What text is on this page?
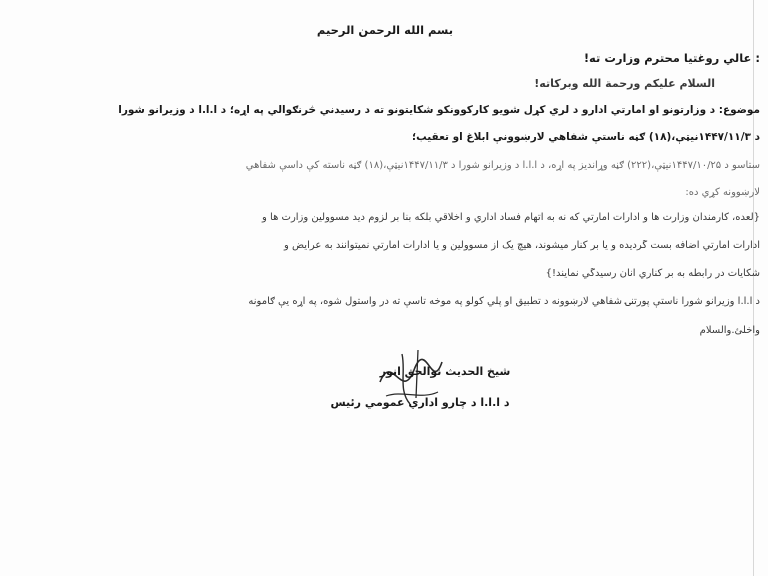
بسم الله الرحمن الرحيم
: عالي روغتيا محترم وزارت ته!
السلام عليكم ورحمة الله وبركاته!
موضوع: د وزارتونو او امارتي ادارو د لري کړل شويو کارکوونکو شکايتونو ته د رسيدني څرنګوالي په اړه؛ د ا.ا.ا د وزيرانو شورا
د ۱۴۴۷/۱۱/۳نيټې،(۱۸) ګڼه ناستې شفاهي لارښوونې ابلاغ او تعقيب؛
ستاسو د ۱۴۴۷/۱۰/۲۵نيټې،(۲۲۲) ګڼه وړانديز په اړه، د ا.ا.ا د وزيرانو شورا د ۱۴۴۷/۱۱/۳نيټې،(۱۸) ګڼه ناسته کې داسې شفاهي
لارښوونه کړي ده:
{لعده، کارمندان وزارت ها و ادارات امارتي که نه به اتهام فساد اداري و اخلاقي بلکه بنا بر لزوم ديد مسوولين وزارت ها و
ادارات امارتي اضافه بست گرديده و يا بر کنار ميشوند، هيچ يک از مسوولين و يا ادارات امارتي نميتوانند به عرايض و
شکايات در رابطه به بر کناري آنان رسيدگي نمايند!}
د ا.ا.ا وزيرانو شورا ناستې پورتنۍ شفاهي لارښوونه د تطبيق او پلي کولو په موخه تاسې ته در واستول شوه، په اړه يې ګامونه
واخلئ.والسلام
شيخ الحديث نوالحق انور
د ا.ا.ا د چارو اداري عمومي رئيس
